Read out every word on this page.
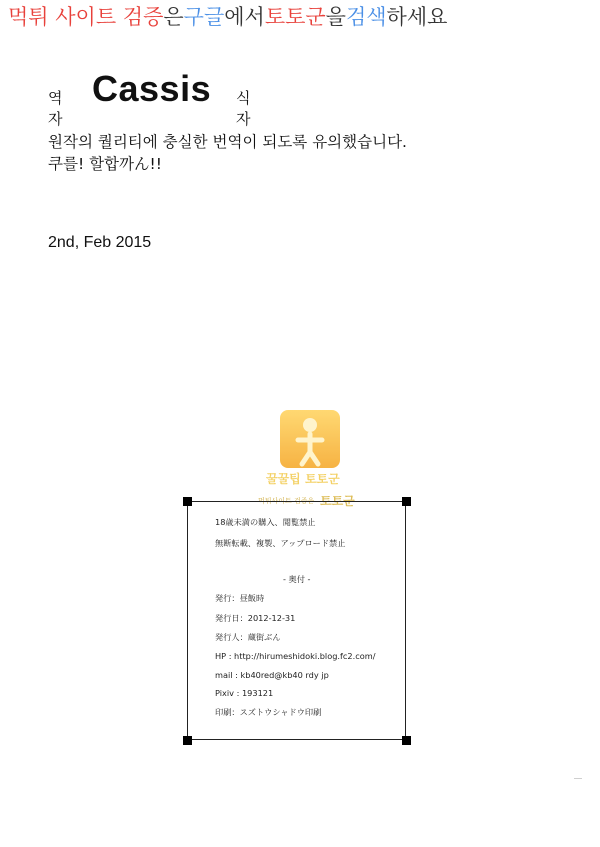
먹튀 사이트 검증은구글에서토토군을검색하세요
역자
Cassis 식자
원작의 퀄리티에 충실한 번역이 되도록 유의했습니다.
쿠를! 할합까ん!!
2nd, Feb 2015
꿀꿀팁 토토군
먹튀사이트 검증은 토토군
18歳未満の購入、閲覧禁止
無断転載、複製、アップロード禁止
- 奥付 -
発行：昼飯時
発行日：2012-12-31
発行人：蔵街ぶん
HP : http://hirumeshidoki.blog.fc2.com/
mail : kb40red@kb40 rdy jp
Pixiv : 193121
印刷：スズトウシャドウ印刷
